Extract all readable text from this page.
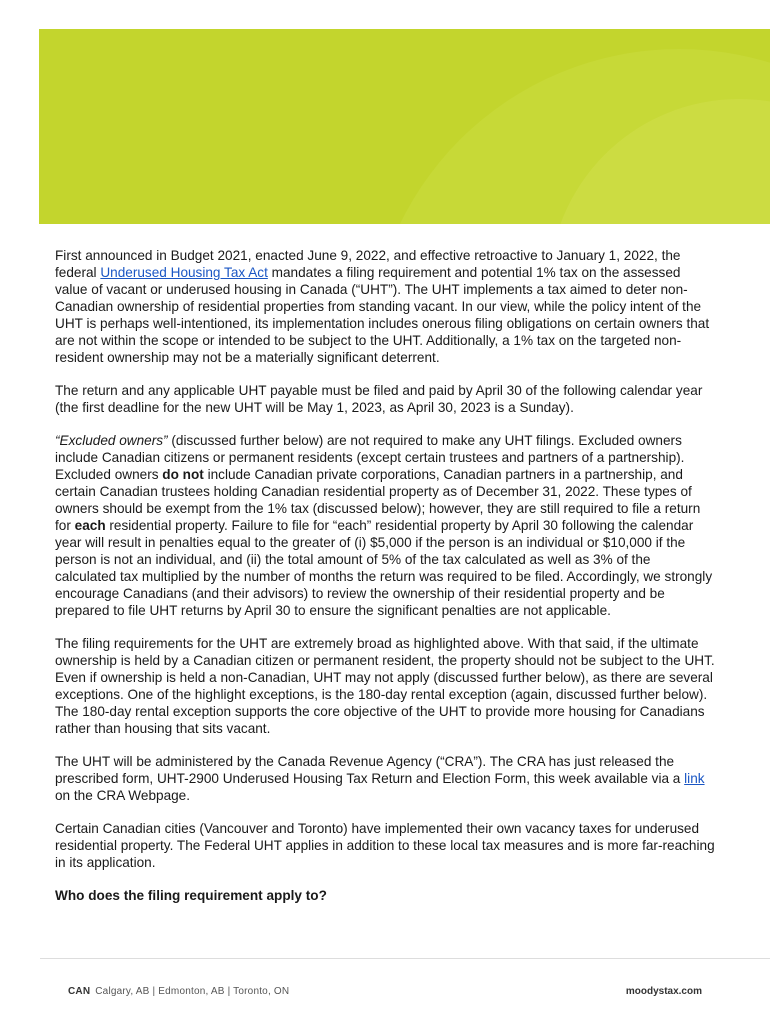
First announced in Budget 2021, enacted June 9, 2022, and effective retroactive to January 1, 2022, the federal Underused Housing Tax Act mandates a filing requirement and potential 1% tax on the assessed value of vacant or underused housing in Canada (“UHT”). The UHT implements a tax aimed to deter non-Canadian ownership of residential properties from standing vacant. In our view, while the policy intent of the UHT is perhaps well-intentioned, its implementation includes onerous filing obligations on certain owners that are not within the scope or intended to be subject to the UHT. Additionally, a 1% tax on the targeted non-resident ownership may not be a materially significant deterrent.

The return and any applicable UHT payable must be filed and paid by April 30 of the following calendar year (the first deadline for the new UHT will be May 1, 2023, as April 30, 2023 is a Sunday).

“Excluded owners” (discussed further below) are not required to make any UHT filings. Excluded owners include Canadian citizens or permanent residents (except certain trustees and partners of a partnership). Excluded owners do not include Canadian private corporations, Canadian partners in a partnership, and certain Canadian trustees holding Canadian residential property as of December 31, 2022. These types of owners should be exempt from the 1% tax (discussed below); however, they are still required to file a return for each residential property. Failure to file for “each” residential property by April 30 following the calendar year will result in penalties equal to the greater of (i) $5,000 if the person is an individual or $10,000 if the person is not an individual, and (ii) the total amount of 5% of the tax calculated as well as 3% of the calculated tax multiplied by the number of months the return was required to be filed. Accordingly, we strongly encourage Canadians (and their advisors) to review the ownership of their residential property and be prepared to file UHT returns by April 30 to ensure the significant penalties are not applicable.

The filing requirements for the UHT are extremely broad as highlighted above. With that said, if the ultimate ownership is held by a Canadian citizen or permanent resident, the property should not be subject to the UHT. Even if ownership is held a non-Canadian, UHT may not apply (discussed further below), as there are several exceptions. One of the highlight exceptions, is the 180-day rental exception (again, discussed further below). The 180-day rental exception supports the core objective of the UHT to provide more housing for Canadians rather than housing that sits vacant.

The UHT will be administered by the Canada Revenue Agency (“CRA”). The CRA has just released the prescribed form, UHT-2900 Underused Housing Tax Return and Election Form, this week available via a link on the CRA Webpage.

Certain Canadian cities (Vancouver and Toronto) have implemented their own vacancy taxes for underused residential property. The Federal UHT applies in addition to these local tax measures and is more far-reaching in its application.

Who does the filing requirement apply to?
CAN Calgary, AB | Edmonton, AB | Toronto, ON	moodystax.com
